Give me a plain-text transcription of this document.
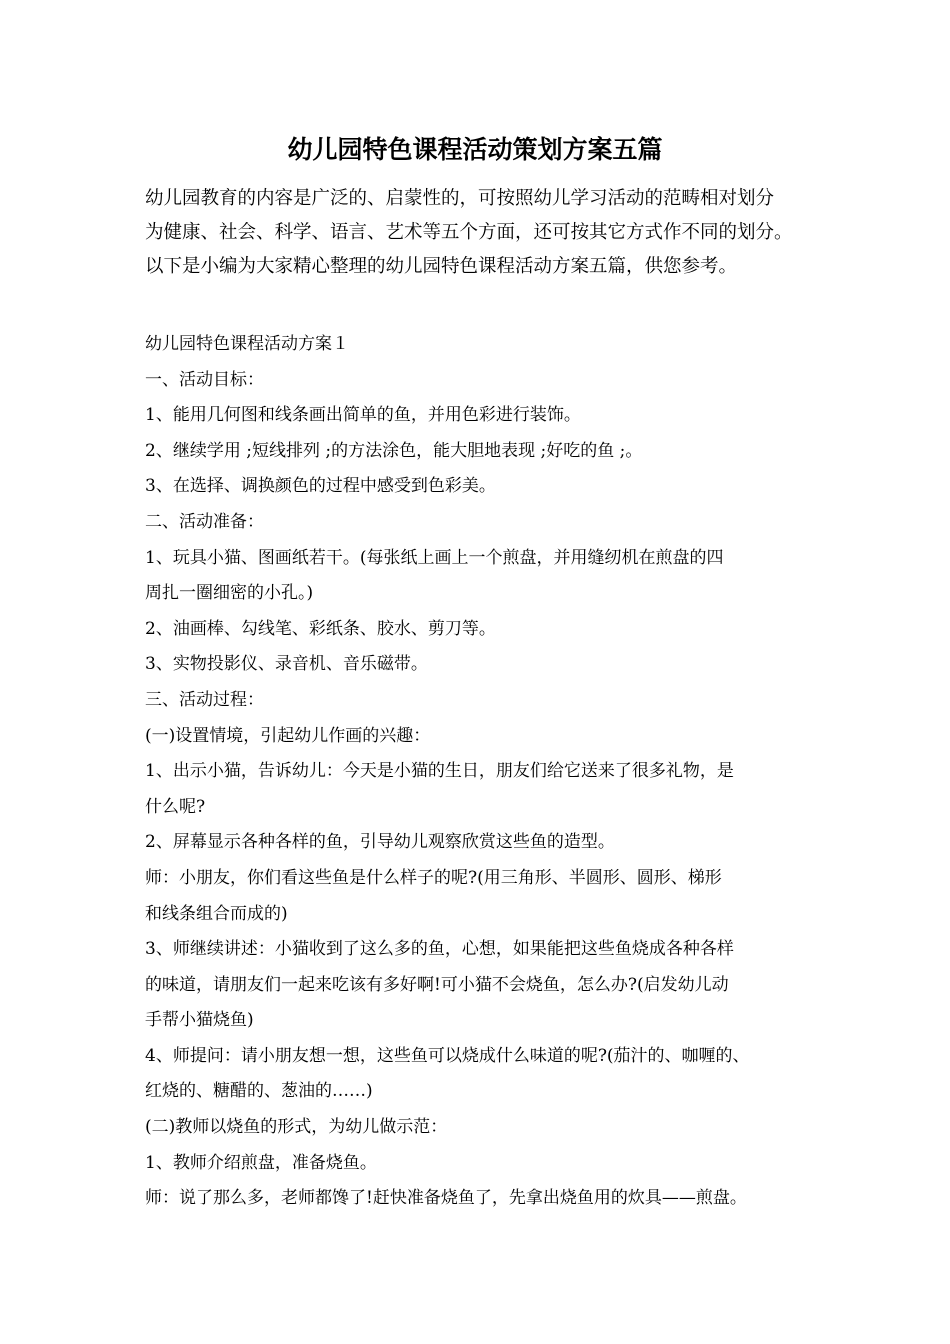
幼儿园特色课程活动策划方案五篇
幼儿园教育的内容是广泛的、启蒙性的，可按照幼儿学习活动的范畴相对划分
为健康、社会、科学、语言、艺术等五个方面，还可按其它方式作不同的划分。
以下是小编为大家精心整理的幼儿园特色课程活动方案五篇，供您参考。
幼儿园特色课程活动方案１
一、活动目标：
1、能用几何图和线条画出简单的鱼，并用色彩进行装饰。
2、继续学用 ;短线排列 ;的方法涂色，能大胆地表现 ;好吃的鱼 ;。
3、在选择、调换颜色的过程中感受到色彩美。
二、活动准备：
1、玩具小猫、图画纸若干。(每张纸上画上一个煎盘，并用缝纫机在煎盘的四
周扎一圈细密的小孔。)
2、油画棒、勾线笔、彩纸条、胶水、剪刀等。
3、实物投影仪、录音机、音乐磁带。
三、活动过程：
(一)设置情境，引起幼儿作画的兴趣：
1、出示小猫，告诉幼儿：今天是小猫的生日，朋友们给它送来了很多礼物，是
什么呢?
2、屏幕显示各种各样的鱼，引导幼儿观察欣赏这些鱼的造型。
师：小朋友，你们看这些鱼是什么样子的呢?(用三角形、半圆形、圆形、梯形
和线条组合而成的)
3、师继续讲述：小猫收到了这么多的鱼，心想，如果能把这些鱼烧成各种各样
的味道，请朋友们一起来吃该有多好啊!可小猫不会烧鱼，怎么办?(启发幼儿动
手帮小猫烧鱼)
4、师提问：请小朋友想一想，这些鱼可以烧成什么味道的呢?(茄汁的、咖喱的、
红烧的、糖醋的、葱油的……)
(二)教师以烧鱼的形式，为幼儿做示范：
1、教师介绍煎盘，准备烧鱼。
师：说了那么多，老师都馋了!赶快准备烧鱼了，先拿出烧鱼用的炊具——煎盘。
